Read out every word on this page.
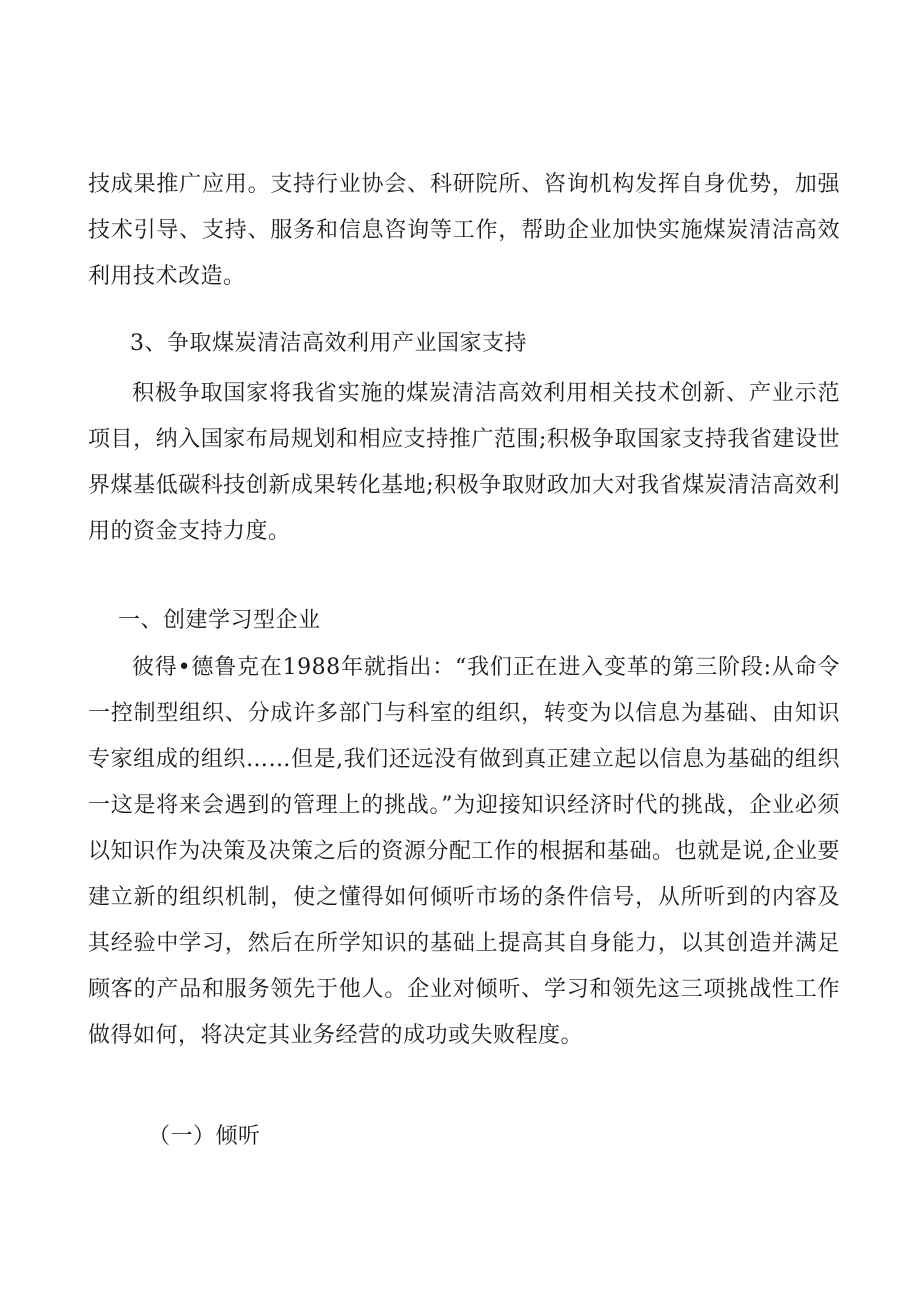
技成果推广应用。支持行业协会、科研院所、咨询机构发挥自身优势，加强技术引导、支持、服务和信息咨询等工作，帮助企业加快实施煤炭清洁高效利用技术改造。

3、争取煤炭清洁高效利用产业国家支持

积极争取国家将我省实施的煤炭清洁高效利用相关技术创新、产业示范项目，纳入国家布局规划和相应支持推广范围;积极争取国家支持我省建设世界煤基低碳科技创新成果转化基地;积极争取财政加大对我省煤炭清洁高效利用的资金支持力度。

一、创建学习型企业

彼得•德鲁克在1988年就指出：“我们正在进入变革的第三阶段:从命令一控制型组织、分成许多部门与科室的组织，转变为以信息为基础、由知识专家组成的组织……但是,我们还远没有做到真正建立起以信息为基础的组织一这是将来会遇到的管理上的挑战。”为迎接知识经济时代的挑战，企业必须以知识作为决策及决策之后的资源分配工作的根据和基础。也就是说,企业要建立新的组织机制，使之懂得如何倾听市场的条件信号，从所听到的内容及其经验中学习，然后在所学知识的基础上提高其自身能力，以其创造并满足顾客的产品和服务领先于他人。企业对倾听、学习和领先这三项挑战性工作做得如何，将决定其业务经营的成功或失败程度。

（一）倾听
